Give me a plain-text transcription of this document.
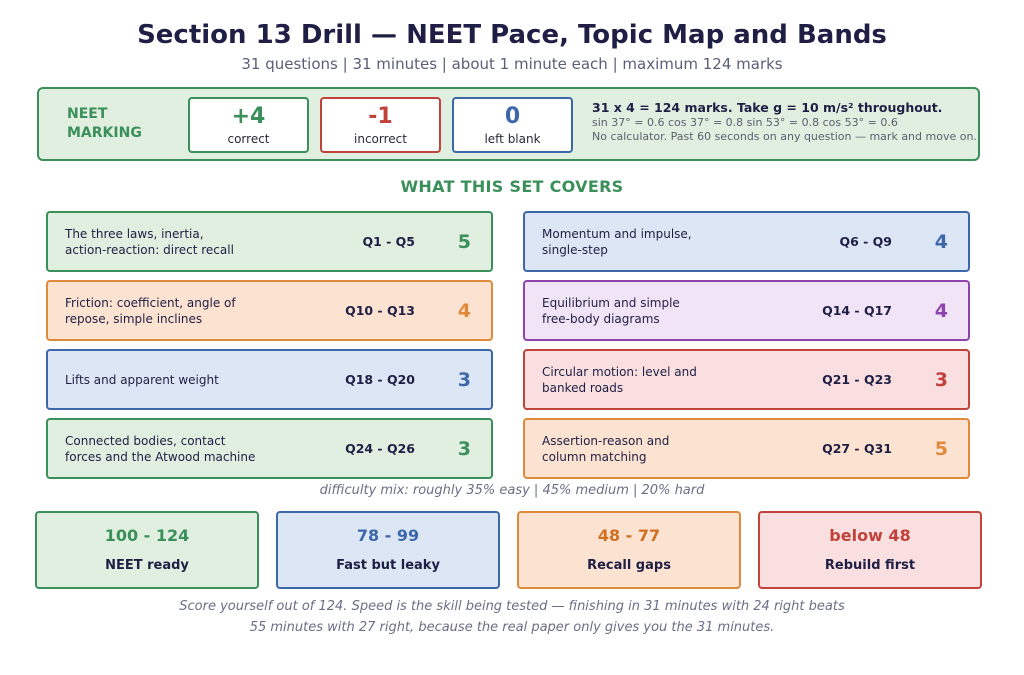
Section 13 Drill — NEET Pace, Topic Map and Bands
31 questions | 31 minutes | about 1 minute each | maximum 124 marks
NEET
MARKING
+4
correct
-1
incorrect
0
left blank
31 x 4 = 124 marks. Take g = 10 m/s² throughout.
sin 37° = 0.6 cos 37° = 0.8 sin 53° = 0.8 cos 53° = 0.6
No calculator. Past 60 seconds on any question — mark and move on.
WHAT THIS SET COVERS
The three laws, inertia,
action-reaction: direct recall
Q1 - Q5 5	Momentum and impulse,
single-step
Q6 - Q9 4
Friction: coefficient, angle of
repose, simple inclines
Q10 - Q13 4	Equilibrium and simple
free-body diagrams
Q14 - Q17 4
Lifts and apparent weight	Q18 - Q20 3	Circular motion: level and
banked roads
Q21 - Q23 3
Connected bodies, contact
forces and the Atwood machine
Q24 - Q26 3	Assertion-reason and
column matching
Q27 - Q31 5
difficulty mix: roughly 35% easy | 45% medium | 20% hard
100 - 124
NEET ready
78 - 99
Fast but leaky
48 - 77
Recall gaps
below 48
Rebuild first
Score yourself out of 124. Speed is the skill being tested — finishing in 31 minutes with 24 right beats
55 minutes with 27 right, because the real paper only gives you the 31 minutes.
